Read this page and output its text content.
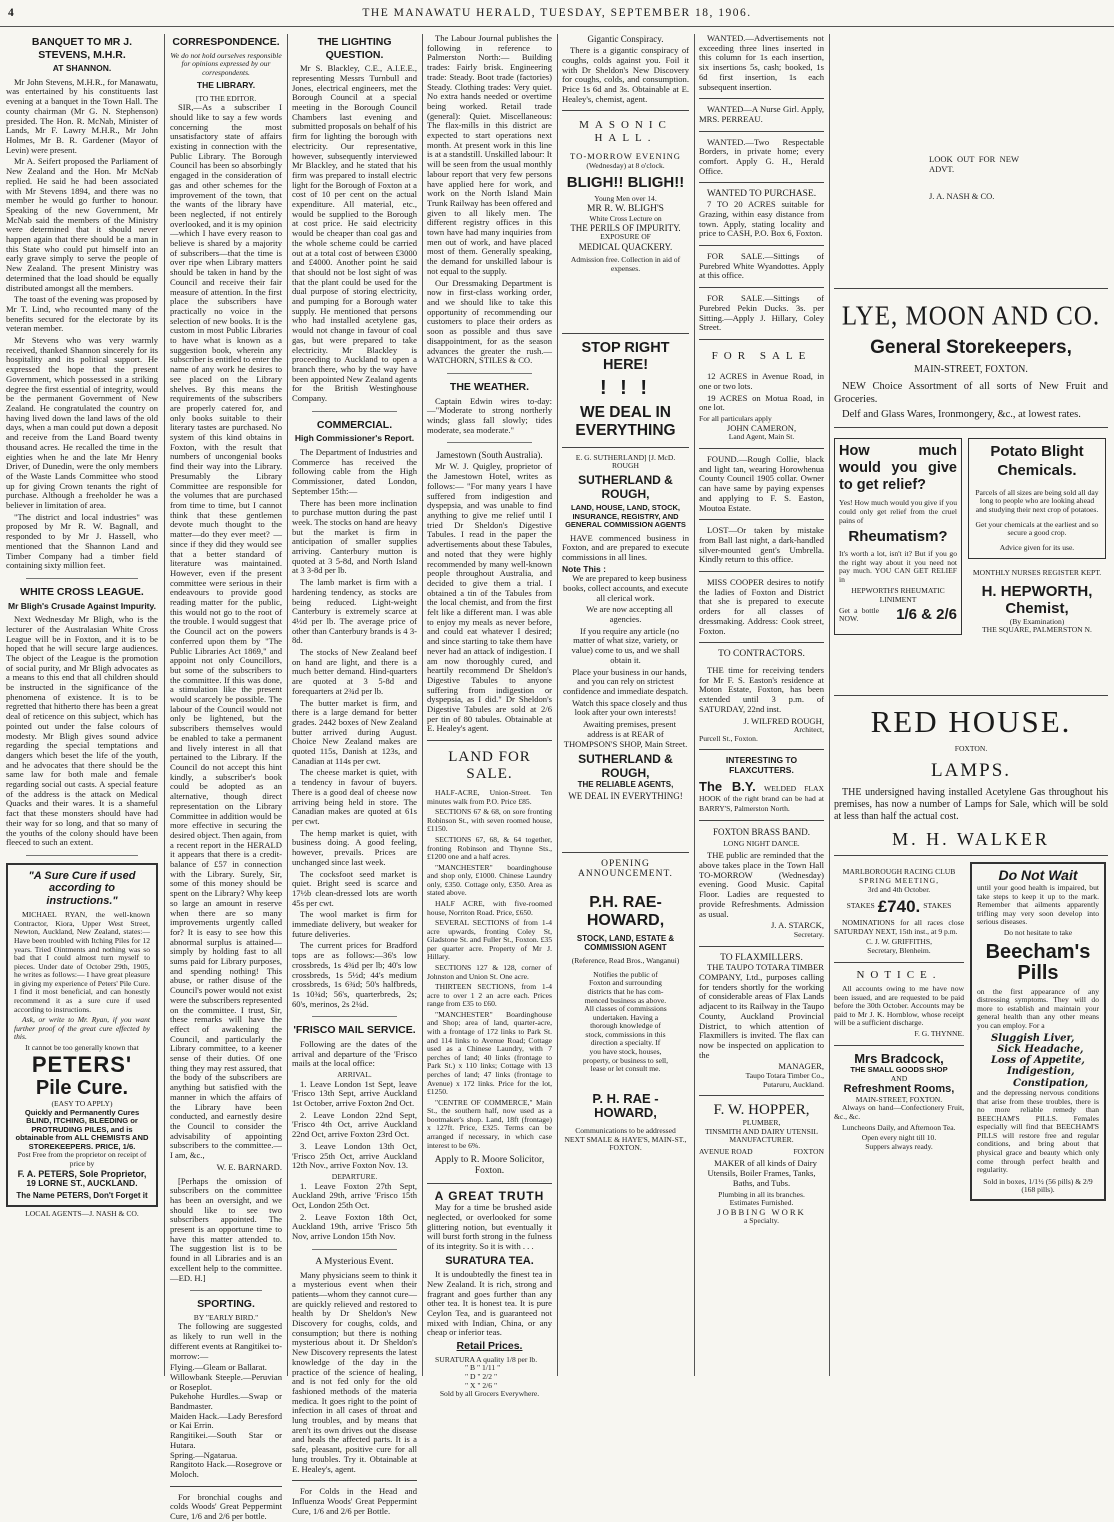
4	THE MANAWATU HERALD, TUESDAY, SEPTEMBER 18, 1906.
BANQUET TO MR J. STEVENS, M.H.R.
AT SHANNON.

Mr John Stevens, M.H.R., for Manawatu, was entertained by his constituents last evening at a banquet in the Town Hall. The county chairman (Mr G. N. Stephenson) presided. The Hon. R. McNab, Minister of Lands, Mr F. Lawry M.H.R., Mr John Holmes, Mr B. R. Gardener (Mayor of Levin) were present.

Mr A. Seifert proposed the Parliament of New Zealand and the Hon. Mr McNab replied. He said he had been associated with Mr Stevens 1894, and there was no member he would go further to honour. Speaking of the new Government, Mr McNab said the members of the Ministry were determined that it should never happen again that there should be a man in this State who could put himself into an early grave simply to serve the people of New Zealand. The present Ministry was determined that the load should be equally distributed amongst all the members.

The toast of the evening was proposed by Mr T. Lind, who recounted many of the benefits secured for the electorate by its veteran member.

Mr Stevens who was very warmly received, thanked Shannon sincerely for its hospitality and its political support. He expressed the hope that the present Government, which possessed in a striking degree the first essential of integrity, would be the permanent Government of New Zealand. He congratulated the country on having lived down the land laws of the old days, when a man could put down a deposit and receive from the Land Board twenty thousand acres. He recalled the time in the eighties when he and the late Mr Henry Driver, of Dunedin, were the only members of the Waste Lands Committee who stood up for giving Crown tenants the right of purchase. Although a freeholder he was a believer in limitation of area.

"The district and local industries" was proposed by Mr R. W. Bagnall, and responded to by Mr J. Hassell, who mentioned that the Shannon Land and Timber Company had a timber field containing sixty million feet.

WHITE CROSS LEAGUE.
Mr Bligh's Crusade Against Impurity.

Next Wednesday Mr Bligh, who is the lecturer of the Australasian White Cross League will be in Foxton, and it is to be hoped that he will secure large audiences. The object of the League is the promotion of social purity, and Mr Bligh advocates as a means to this end that all children should be instructed in the significance of the phenomena of existence. It is to be regretted that hitherto there has been a great deal of reticence on this subject, which has pointed out under the false colours of modesty. Mr Bligh gives sound advice regarding the special temptations and dangers which beset the life of the youth, and he advocates that there should be the same law for both male and female regarding social out casts. A special feature of the address is the attack on Medical Quacks and their wares. It is a shameful fact that these monsters should have had their way for so long, and that so many of the youths of the colony should have been fleeced to such an extent.

"A Sure Cure if used according to instructions."

MICHAEL RYAN, the well-known Contractor, Kiora, Upper West Street, Newton, Auckland, New Zealand, states:— Have been troubled with Itching Piles for 12 years. Tried Ointments and nothing was so bad that I could almost turn myself to pieces. Under date of October 29th, 1905, he writes as follows:— I have great pleasure in giving my experience of Peters' Pile Cure. I find it most beneficial, and can honestly recommend it as a sure cure if used according to instructions.

Ask, or write to Mr. Ryan, if you want further proof of the great cure effected by this.

It cannot be too generally known that
PETERS'
Pile Cure.
(EASY TO APPLY)
Quickly and Permanently Cures BLIND, ITCHING, BLEEDING or PROTRUDING PILES, and is obtainable from ALL CHEMISTS AND STOREKEEPERS. PRICE, 1/6.
Post Free from the proprietor on receipt of price by
F. A. PETERS, Sole Proprietor,
19 LORNE ST., AUCKLAND.
The Name PETERS, Don't Forget it
LOCAL AGENTS—J. NASH & CO.
CORRESPONDENCE.
We do not hold ourselves responsible for opinions expressed by our correspondents.
THE LIBRARY.
[TO THE EDITOR.

SIR,—As a subscriber I should like to say a few words concerning the most unsatisfactory state of affairs existing in connection with the Public Library. The Borough Council has been so absorbingly engaged in the consideration of gas and other schemes for the improvement of the town, that the wants of the library have been neglected, if not entirely overlooked, and it is my opinion—which I have every reason to believe is shared by a majority of subscribers—that the time is over ripe when Library matters should be taken in hand by the Council and receive their fair measure of attention. In the first place the subscribers have practically no voice in the selection of new books. It is the custom in most Public Libraries to have what is known as a suggestion book, wherein any subscriber is entitled to enter the name of any work he desires to see placed on the Library shelves. By this means the requirements of the subscribers are properly catered for, and only books suitable to their literary tastes are purchased. No system of this kind obtains in Foxton, with the result that numbers of uncongenial books find their way into the Library. Presumably the Library Committee are responsible for the volumes that are purchased from time to time, but I cannot think that these gentlemen devote much thought to the matter—do they ever meet? —since if they did they would see that a better standard of literature was maintained. However, even if the present committee were serious in their endeavours to provide good reading matter for the public, this would not go to the root of the trouble. I would suggest that the Council act on the powers conferred upon them by "The Public Libraries Act 1869," and appoint not only Councillors, but some of the subscribers to the committee. If this was done, a stimulation like the present would scarcely be possible. The labour of the Council would not only be lightened, but the subscribers themselves would be enabled to take a permanent and lively interest in all that pertained to the Library. If the Council do not accept this hint kindly, a subscriber's book could be adopted as an alternative, though direct representation on the Library Committee in addition would be more effective in securing the desired object. Then again, from a recent report in the HERALD it appears that there is a credit-balance of £57 in connection with the Library. Surely, Sir, some of this money should be spent on the Library? Why keep so large an amount in reserve when there are so many improvements urgently called for? It is easy to see how this abnormal surplus is attained—simply by holding fast to all sums paid for Library purposes, and spending nothing! This abuse, or rather disuse of the Council's power would not exist were the subscribers represented on the committee. I trust, Sir, these remarks will have the effect of awakening the Council, and particularly the Library committee, to a keener sense of their duties. Of one thing they may rest assured, that the body of the subscribers are anything but satisfied with the manner in which the affairs of the Library have been conducted, and earnestly desire the Council to consider the advisability of appointing subscribers to the committee.—I am, &c.,

W. E. BARNARD.

[Perhaps the omission of subscribers on the committee has been an oversight, and we should like to see two subscribers appointed. The present is an opportune time to have this matter attended to. The suggestion list is to be found in all Libraries and is an excellent help to the committee.—ED. H.]

SPORTING.
BY "EARLY BIRD."

The following are suggested as likely to run well in the different events at Rangitikei to-morrow:—

Flying.—Gleam or Ballarat.
Willowbank Steeple.—Peruvian or Roseplot.
Pukehohe Hurdles.—Swap or Bandmaster.
Maiden Hack.—Lady Beresford or Kai Errin.
Rangitikei.—South Star or Hutara.
Spring.—Ngatarua.
Rangitoto Hack.—Rosegrove or Moloch.

For bronchial coughs and colds Woods' Great Peppermint Cure, 1/6 and 2/6 per bottle.

THE LIGHTING QUESTION.

Mr S. Blackley, C.E., A.I.E.E., representing Messrs Turnbull and Jones, electrical engineers, met the Borough Council at a special meeting in the Borough Council Chambers last evening and submitted proposals on behalf of his firm for lighting the borough with electricity. Our representative, however, subsequently interviewed Mr Blackley, and he stated that his firm was prepared to install electric light for the Borough of Foxton at a cost of 10 per cent on the actual expenditure. All material, etc., would be supplied to the Borough at cost price. He said electricity would be cheaper than coal gas and the whole scheme could be carried out at a total cost of between £3000 and £4000. Another point he said that should not be lost sight of was that the plant could be used for the dual purpose of storing electricity, and pumping for a Borough water supply. He mentioned that persons who had installed acetylene gas, would not change in favour of coal gas, but were prepared to take electricity. Mr Blackley is proceeding to Auckland to open a branch there, who by the way have been appointed New Zealand agents for the British Westinghouse Company.

COMMERCIAL.
High Commissioner's Report.

The Department of Industries and Commerce has received the following cable from the High Commissioner, dated London, September 15th:—

There has been more inclination to purchase mutton during the past week. The stocks on hand are heavy but the market is firm in anticipation of smaller supplies arriving. Canterbury mutton is quoted at 3 5-8d, and North Island at 3 3-8d per lb.

The lamb market is firm with a hardening tendency, as stocks are being reduced. Light-weight Canterbury is extremely scarce at 4½d per lb. The average price of other than Canterbury brands is 4 3-8d.

The stocks of New Zealand beef on hand are light, and there is a much better demand. Hind-quarters are quoted at 3 5-8d and forequarters at 2¾d per lb.

The butter market is firm, and there is a large demand for better grades. 2442 boxes of New Zealand butter arrived during August. Choice New Zealand makes are quoted 115s, Danish at 123s, and Canadian at 114s per cwt.

The cheese market is quiet, with a tendency in favour of buyers. There is a good deal of cheese now arriving being held in store. The Canadian makes are quoted at 61s per cwt.

The hemp market is quiet, with business doing. A good feeling, however, prevails. Prices are unchanged since last week.

The cocksfoot seed market is quiet. Bright seed is scarce and 17½b clean-dressed lots are worth 45s per cwt.

The wool market is firm for immediate delivery, but weaker for future deliveries.

The current prices for Bradford tops are as follows:—36's low crossbreds, 1s 4¾d per lb; 40's low crossbreds, 1s 5½d; 44's medium crossbreds, 1s 6¾d; 50's halfbreds, 1s 10¾d; 56's, quarterbreds, 2s; 60's, merinos, 2s 2¼d.

'FRISCO MAIL SERVICE.

Following are the dates of the arrival and departure of the 'Frisco mails at the local office:

ARRIVAL.

1. Leave London 1st Sept, leave 'Frisco 13th Sept, arrive Auckland 1st October, arrive Foxton 2nd Oct.

2. Leave London 22nd Sept, 'Frisco 4th Oct, arrive Auckland 22nd Oct, arrive Foxton 23rd Oct.

3. Leave London 13th Oct, 'Frisco 25th Oct, arrive Auckland 12th Nov., arrive Foxton Nov. 13.

DEPARTURE.

1. Leave Foxton 27th Sept, Auckland 29th, arrive 'Frisco 15th Oct, London 25th Oct.

2. Leave Foxton 18th Oct, Auckland 19th, arrive 'Frisco 5th Nov, arrive London 15th Nov.

A Mysterious Event.

Many physicians seem to think it a mysterious event when their patients—whom they cannot cure—are quickly relieved and restored to health by Dr Sheldon's New Discovery for coughs, colds, and consumption; but there is nothing mysterious about it. Dr Sheldon's New Discovery represents the latest knowledge of the day in the practice of the science of healing, and is not fed only for the old fashioned methods of the materia medica. It goes right to the point of infection in all cases of throat and lung troubles, and by means that aren't its own drives out the disease and heals the affected parts. It is a safe, pleasant, positive cure for all lung troubles. Try it. Obtainable at E. Healey's, agent.

For Colds in the Head and Influenza Woods' Great Peppermint Cure, 1/6 and 2/6 per Bottle.

The Labour Journal publishes the following in reference to Palmerston North:— Building trades: Fairly brisk. Engineering trade: Steady. Boot trade (factories) Steady. Clothing trades: Very quiet. No extra hands needed or overtime being worked. Retail trade (general): Quiet. Miscellaneous: The flax-mills in this district are expected to start operations next month. At present work in this line is at a standstill. Unskilled labour: It will be seen from the usual monthly labour report that very few persons have applied here for work, and work on the North Island Main Trunk Railway has been offered and given to all likely men. The different registry offices in this town have had many inquiries from men out of work, and have placed most of them. Generally speaking, the demand for unskilled labour is not equal to the supply.

Our Dressmaking Department is now in first-class working order, and we should like to take this opportunity of recommending our customers to place their orders as soon as possible and thus save disappointment, for as the season advances the greater the rush.—WATCHORN, STILES & CO.

THE WEATHER.

Captain Edwin wires to-day:—"Moderate to strong northerly winds; glass fall slowly; tides moderate, sea moderate."

Jamestown (South Australia).

Mr W. J. Quigley, proprietor of the Jamestown Hotel, writes as follows:— "For many years I have suffered from indigestion and dyspepsia, and was unable to find anything to give me relief until I tried Dr Sheldon's Digestive Tabules. I read in the paper the advertisements about these Tabules, and noted that they were highly recommended by many well-known people throughout Australia, and decided to give them a trial. I obtained a tin of the Tabules from the local chemist, and from the first felt like a different man. I was able to enjoy my meals as never before, and could eat whatever I desired; and since starting to take them have never had an attack of indigestion. I am now thoroughly cured, and heartily recommend Dr Sheldon's Digestive Tabules to anyone suffering from indigestion or dyspepsia, as I did." Dr Sheldon's Digestive Tabules are sold at 2/6 per tin of 80 tabules. Obtainable at E. Healey's agent.

LAND FOR SALE.

HALF-ACRE, Union-Street. Ten minutes walk from P.O. Price £85.

SECTIONS 67 & 68, on sore fronting Robinson St., with seven roomed house, £1150.

SECTIONS 67, 68, & 64 together, fronting Robinson and Thynne Sts., £1200 one and a half acres.

"MANCHESTER" boardinghouse and shop only, £1000. Chinese Laundry only, £350. Cottage only, £350. Area as stated above.

HALF ACRE, with five-roomed house, Norriton Road. Price, £650.

SEVERAL SECTIONS of from 1-4 acre upwards, fronting Coley St, Gladstone St. and Fuller St., Foxton. £35 per quarter acre. Property of Mr J. Hillary.

SECTIONS 127 & 128, corner of Johnston and Union St. One acre.

THIRTEEN SECTIONS, from 1-4 acre to over 1 2 an acre each. Prices range from £35 to £60.

"MANCHESTER" Boardinghouse and Shop; area of land, quarter-acre, with a frontage of 172 links to Park St. and 114 links to Avenue Road; Cottage used as a Chinese Laundry, with 7 perches of land; 40 links (frontage to Park St.) x 110 links; Cottage with 13 perches of land; 47 links (frontage to Avenue) x 172 links. Price for the lot, £1250.

"CENTRE OF COMMERCE," Main St., the southern half, now used as a bootmaker's shop. Land, 18ft (frontage) x 127ft. Price, £325. Terms can be arranged if necessary, in which case interest to be 6%.

Apply to R. Moore Solicitor, Foxton.
A GREAT TRUTH

May for a time be brushed aside neglected, or overlooked for some glittering notion, but eventually it will burst forth strong in the fulness of its integrity. So it is with . . .

SURATURA TEA.

It is undoubtedly the finest tea in New Zealand. It is rich, strong and fragrant and goes further than any other tea. It is honest tea. It is pure Ceylon Tea, and is guaranteed not mixed with Indian, China, or any cheap or inferior teas.

Retail Prices.
SURATURA A quality 1/8 per lb.
" B " 1/11 "
" D " 2/2 "
" X " 2/6 "
Sold by all Grocers Everywhere.
Gigantic Conspiracy.

There is a gigantic conspiracy of coughs, colds against you. Foil it with Dr Sheldon's New Discovery for coughs, colds, and consumption. Price 1s 6d and 3s. Obtainable at E. Healey's, chemist, agent.

MASONIC HALL.
TO-MORROW EVENING
(Wednesday) at 8 o'clock.
BLIGH!! BLIGH!!
Young Men over 14.
MR R. W. BLIGH'S
White Cross Lecture on
THE PERILS OF IMPURITY.
EXPOSURE OF
MEDICAL QUACKERY.
Admission free. Collection in aid of expenses.
STOP RIGHT HERE!
! ! !
WE DEAL IN EVERYTHING
E. G. SUTHERLAND] [J. McD. ROUGH
SUTHERLAND & ROUGH,
LAND, HOUSE, LAND, STOCK, INSURANCE, REGISTRY, AND GENERAL COMMISSION AGENTS

HAVE commenced business in Foxton, and are prepared to execute commissions in all lines.

Note This :

We are prepared to keep business books, collect accounts, and execute all clerical work.

We are now accepting all agencies.

If you require any article (no matter of what size, variety, or value) come to us, and we shall obtain it.

Place your business in our hands, and you can rely on strictest confidence and immediate despatch.

Watch this space closely and thus look after your own interests!

Awaiting premises, present address is at REAR of THOMPSON'S SHOP, Main Street.

SUTHERLAND & ROUGH,
THE RELIABLE AGENTS,
WE DEAL IN EVERYTHING!
OPENING ANNOUNCEMENT.
P.H. RAE-HOWARD,
STOCK, LAND, ESTATE & COMMISSION AGENT
(Reference, Read Bros., Wanganui)
Notifies the public of
Foxton and surrounding
districts that he has com-
menced business as above.
All classes of commissions
undertaken. Having a
thorough knowledge of
stock, commissions in this
direction a specialty. If
you have stock, houses,
property, or business to sell,
lease or let consult me.
P. H. RAE - HOWARD,
Communications to be addressed
NEXT SMALE & HAYE'S, MAIN-ST.,
FOXTON.

WANTED.—Advertisements not exceeding three lines inserted in this column for 1s each insertion, six insertions 5s, cash; booked, 1s 6d first insertion, 1s each subsequent insertion.

WANTED—A Nurse Girl. Apply, MRS. PERREAU.

WANTED.—Two Respectable Borders, in private home; every comfort. Apply G. H., Herald Office.

WANTED TO PURCHASE.

7 TO 20 ACRES suitable for Grazing, within easy distance from town. Apply, stating locality and price to CASH, P.O. Box 6, Foxton.

FOR SALE.—Sittings of Purebred White Wyandottes. Apply at this office.

FOR SALE.—Sittings of Purebred Pekin Ducks. 3s. per Sitting.—Apply J. Hillary, Coley Street.

FOR SALE

12 ACRES in Avenue Road, in one or two lots.

19 ACRES on Motua Road, in one lot.

For all particulars apply
JOHN CAMERON,
Land Agent, Main St.

FOUND.—Rough Collie, black and light tan, wearing Horowhenua County Council 1905 collar. Owner can have same by paying expenses and applying to F. S. Easton, Moutoa Estate.

LOST—Or taken by mistake from Ball last night, a dark-handled silver-mounted gent's Umbrella. Kindly return to this office.

MISS COOPER desires to notify the ladies of Foxton and District that she is prepared to execute orders for all classes of dressmaking. Address: Cook street, Foxton.

TO CONTRACTORS.

THE time for receiving tenders for Mr F. S. Easton's residence at Moton Estate, Foxton, has been extended until 3 p.m. of SATURDAY, 22nd inst.

J. WILFRED ROUGH,
Architect,
Purcell St., Foxton.
INTERESTING TO FLAXCUTTERS.
The B.Y. WELDED FLAX HOOK of the right brand can be had at BARRY'S, Palmerston North.
FOXTON BRASS BAND.
LONG NIGHT DANCE.

THE public are reminded that the above takes place in the Town Hall TO-MORROW (Wednesday) evening. Good Music. Capital Floor. Ladies are requested to provide Refreshments. Admission as usual.

J. A. STARCK,
Secretary.
TO FLAXMILLERS.

THE TAUPO TOTARA TIMBER COMPANY, Ltd., purposes calling for tenders shortly for the working of considerable areas of Flax Lands adjacent to its Railway in the Taupo County, Auckland Provincial District, to which attention of Flaxmillers is invited. The flax can now be inspected on application to the

MANAGER,
Taupo Totara Timber Co.,
Putaruru, Auckland.
F. W. HOPPER,
PLUMBER,
TINSMITH AND DAIRY UTENSIL MANUFACTURER.
AVENUE ROAD	FOXTON

MAKER of all kinds of Dairy Utensils, Boiler Frames, Tanks, Baths, and Tubs.

Plumbing in all its branches.
Estimates Furnished.
JOBBING WORK
a Specialty.
LOOK OUT FOR NEW ADVT.
J. A. NASH & CO.
LYE, MOON AND CO.
General Storekeepers,
MAIN-STREET, FOXTON.

NEW Choice Assortment of all sorts of New Fruit and Groceries.

Delf and Glass Wares, Ironmongery, &c., at lowest rates.

How much would you give to get relief?

Yes! How much would you give if you could only get relief from the cruel pains of

Rheumatism?

It's worth a lot, isn't it? But if you go the right way about it you need not pay much. YOU CAN GET RELIEF in

HEPWORTH'S RHEUMATIC LINIMENT
Get a bottle NOW.	1/6 & 2/6
Potato Blight Chemicals.

Parcels of all sizes are being sold all day long to people who are looking ahead and studying their next crop of potatoes.

Get your chemicals at the earliest and so secure a good crop.

Advice given for its use.

MONTHLY NURSES REGISTER KEPT.
H. HEPWORTH,
Chemist,
(By Examination)
THE SQUARE, PALMERSTON N.
RED HOUSE.
FOXTON.
LAMPS.

THE undersigned having installed Acetylene Gas throughout his premises, has now a number of Lamps for Sale, which will be sold at less than half the actual cost.

M. H. WALKER
MARLBOROUGH RACING CLUB
SPRING MEETING,
3rd and 4th October.
STAKES £740. STAKES

NOMINATIONS for all races close SATURDAY NEXT, 15th inst., at 9 p.m.

C. J. W. GRIFFITHS,
Secretary, Blenheim.
NOTICE.

All accounts owing to me have now been issued, and are requested to be paid before the 30th October. Accounts may be paid to Mr J. K. Hornblow, whose receipt will be a sufficient discharge.

F. G. THYNNE.
Mrs Bradcock,
THE SMALL GOODS SHOP
AND
Refreshment Rooms,
MAIN-STREET, FOXTON.

Always on hand—Confectionery Fruit, &c., &c.

Luncheons Daily, and Afternoon Tea.

Open every night till 10.
Suppers always ready.
Do Not Wait

until your good health is impaired, but take steps to keep it up to the mark. Remember that ailments apparently trifling may very soon develop into serious diseases.

Do not hesitate to take
Beecham's Pills

on the first appearance of any distressing symptoms. They will do more to establish and maintain your general health than any other means you can employ. For a

Sluggish Liver,
Sick Headache,
Loss of Appetite,
Indigestion,
Constipation,

and the depressing nervous conditions that arise from these troubles, there is no more reliable remedy than BEECHAM'S PILLS. Females especially will find that BEECHAM'S PILLS will restore free and regular conditions, and bring about that physical grace and beauty which only come through perfect health and regularity.

Sold in boxes, 1/1½ (56 pills) & 2/9 (168 pills).
